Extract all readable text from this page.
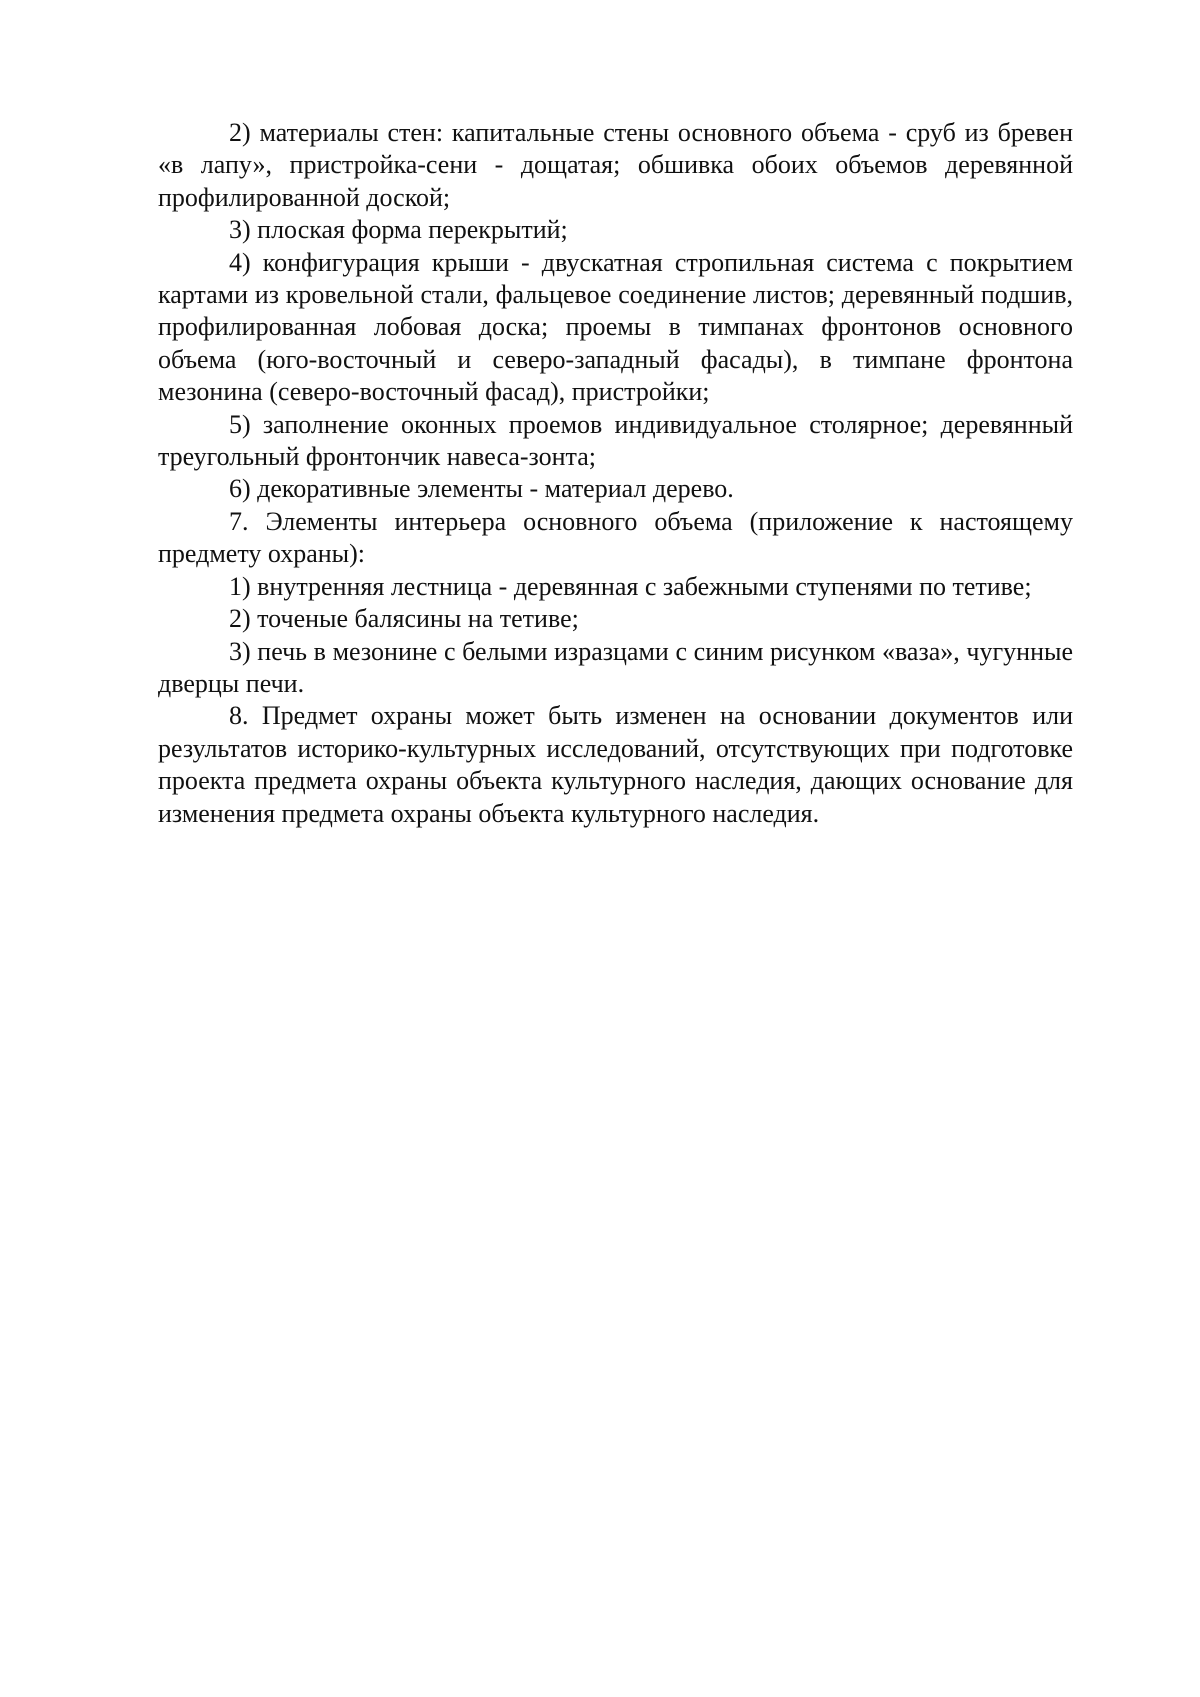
2) материалы стен: капитальные стены основного объема - сруб из бревен «в лапу», пристройка-сени - дощатая; обшивка обоих объемов деревянной профилированной доской;

3) плоская форма перекрытий;

4) конфигурация крыши - двускатная стропильная система с покрытием картами из кровельной стали, фальцевое соединение листов; деревянный подшив, профилированная лобовая доска; проемы в тимпанах фронтонов основного объема (юго-восточный и северо-западный фасады), в тимпане фронтона мезонина (северо-восточный фасад), пристройки;

5) заполнение оконных проемов индивидуальное столярное; деревянный треугольный фронтончик навеса-зонта;

6) декоративные элементы - материал дерево.

7. Элементы интерьера основного объема (приложение к настоящему предмету охраны):

1) внутренняя лестница - деревянная с забежными ступенями по тетиве;

2) точеные балясины на тетиве;

3) печь в мезонине с белыми изразцами с синим рисунком «ваза», чугунные дверцы печи.

8. Предмет охраны может быть изменен на основании документов или результатов историко-культурных исследований, отсутствующих при подготовке проекта предмета охраны объекта культурного наследия, дающих основание для изменения предмета охраны объекта культурного наследия.
